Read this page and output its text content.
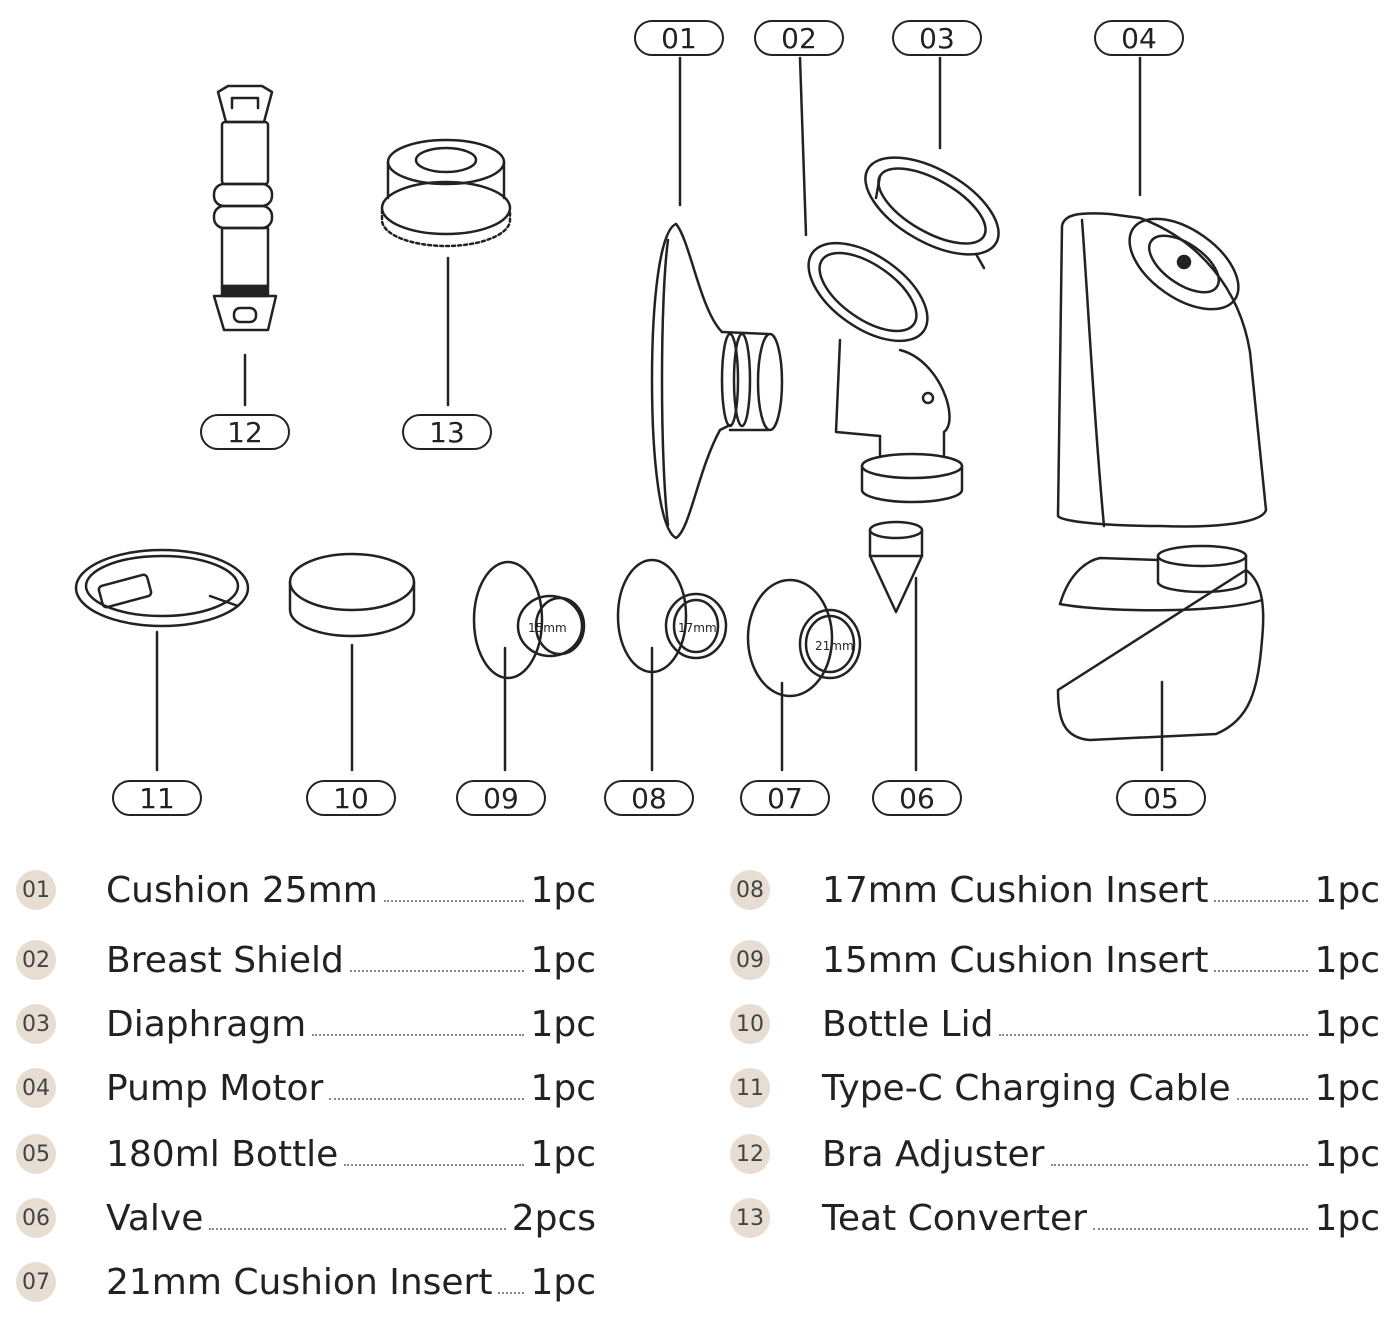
21mm
17mm
15mm
01	02	03	04
12	13
11	10	09	08	07	06	05
01 Cushion 25mm	1pc
02 Breast Shield	1pc
03 Diaphragm	1pc
04 Pump Motor	1pc
05 180ml Bottle	1pc
06 Valve	2pcs
07 21mm Cushion Insert 1pc
08 17mm Cushion Insert	1pc
09 15mm Cushion Insert	1pc
10 Bottle Lid	1pc
11 Type-C Charging Cable 1pc
12 Bra Adjuster	1pc
13 Teat Converter	1pc
